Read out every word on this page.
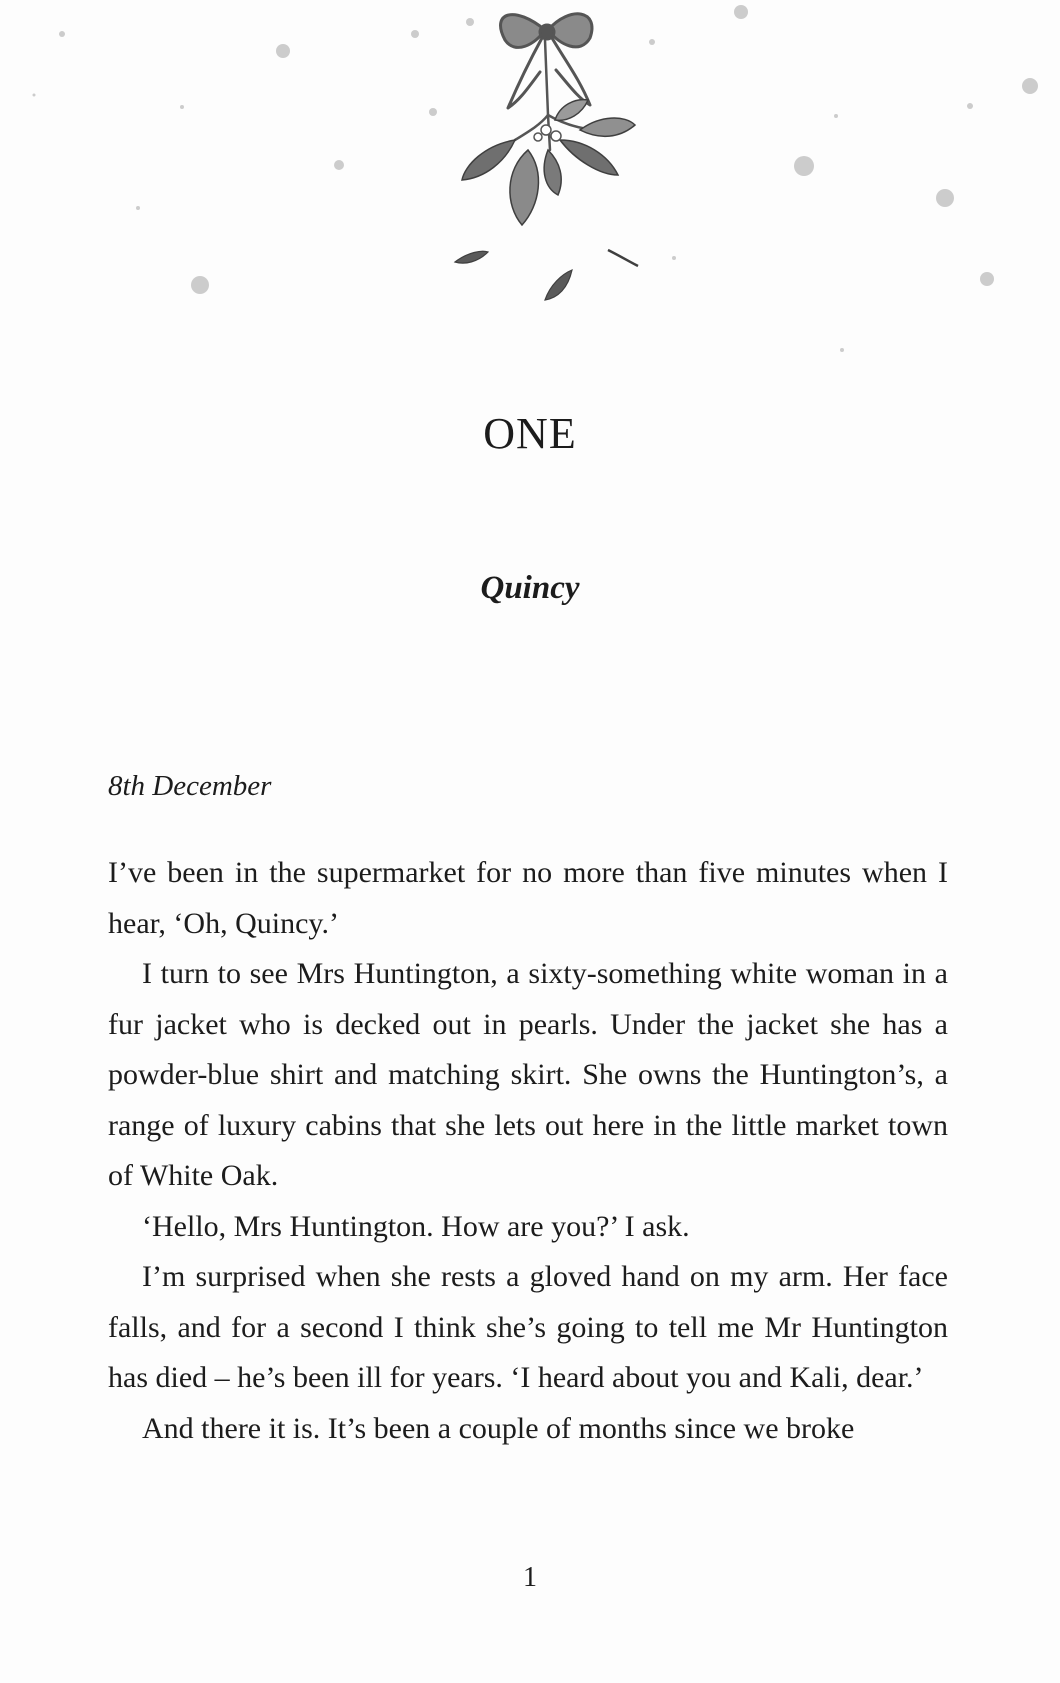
ONE
Quincy
8th December

I’ve been in the supermarket for no more than five minutes when I hear, ‘Oh, Quincy.’

I turn to see Mrs Huntington, a sixty-something white woman in a fur jacket who is decked out in pearls. Under the jacket she has a powder-blue shirt and matching skirt. She owns the Huntington’s, a range of luxury cabins that she lets out here in the little market town of White Oak.

‘Hello, Mrs Huntington. How are you?’ I ask.

I’m surprised when she rests a gloved hand on my arm. Her face falls, and for a second I think she’s going to tell me Mr Huntington has died – he’s been ill for years. ‘I heard about you and Kali, dear.’

And there it is. It’s been a couple of months since we broke

1
